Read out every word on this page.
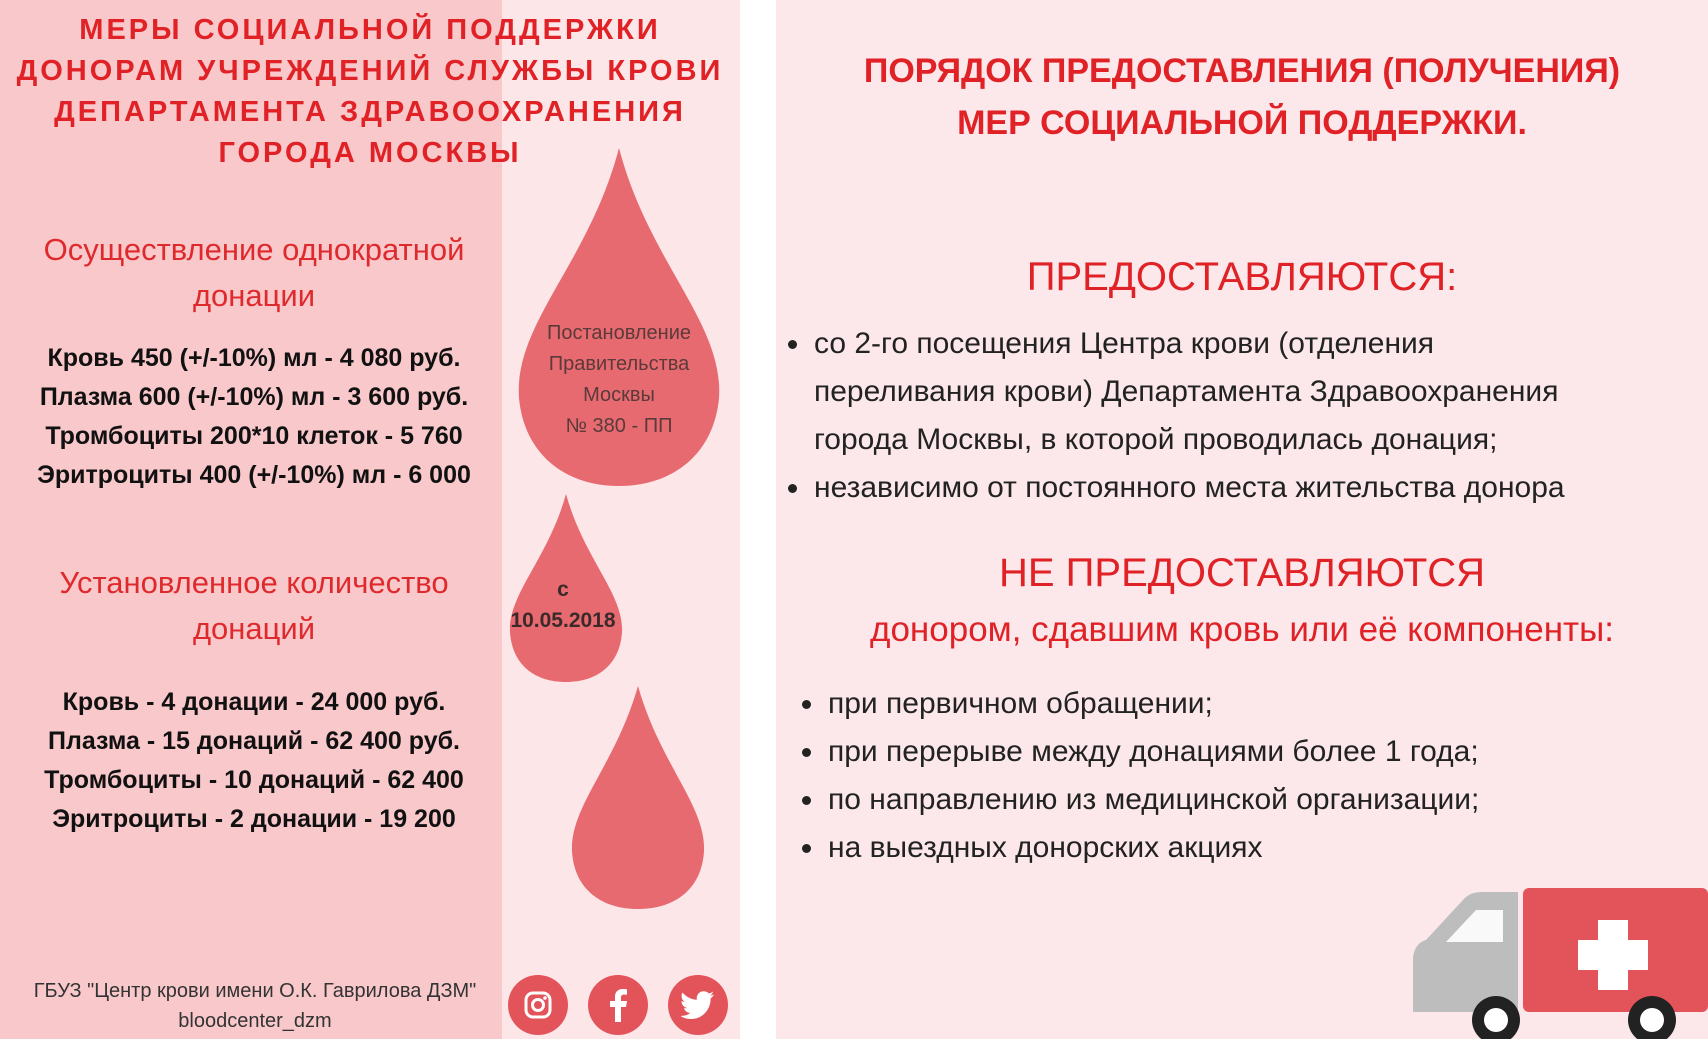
МЕРЫ СОЦИАЛЬНОЙ ПОДДЕРЖКИ
ДОНОРАМ УЧРЕЖДЕНИЙ СЛУЖБЫ КРОВИ
ДЕПАРТАМЕНТА ЗДРАВООХРАНЕНИЯ
ГОРОДА МОСКВЫ
Осуществление однократной
донации
Кровь 450 (+/-10%) мл - 4 080 руб.
Плазма 600 (+/-10%) мл - 3 600 руб.
Тромбоциты 200*10 клеток - 5 760
Эритроциты 400 (+/-10%) мл - 6 000
Установленное количество
донаций
Кровь - 4 донации - 24 000 руб.
Плазма - 15 донаций - 62 400 руб.
Тромбоциты - 10 донаций - 62 400
Эритроциты - 2 донации - 19 200
Постановление
Правительства
Москвы
№ 380 - ПП
с
10.05.2018
ГБУЗ "Центр крови имени О.К. Гаврилова ДЗМ"
bloodcenter_dzm
ПОРЯДОК ПРЕДОСТАВЛЕНИЯ (ПОЛУЧЕНИЯ)
МЕР СОЦИАЛЬНОЙ ПОДДЕРЖКИ.
ПРЕДОСТАВЛЯЮТСЯ:
со 2-го посещения Центра крови (отделения
переливания крови) Департамента Здравоохранения
города Москвы, в которой проводилась донация;
независимо от постоянного места жительства донора
НЕ ПРЕДОСТАВЛЯЮТСЯ
донором, сдавшим кровь или её компоненты:
при первичном обращении;
при перерыве между донациями более 1 года;
по направлению из медицинской организации;
на выездных донорских акциях
